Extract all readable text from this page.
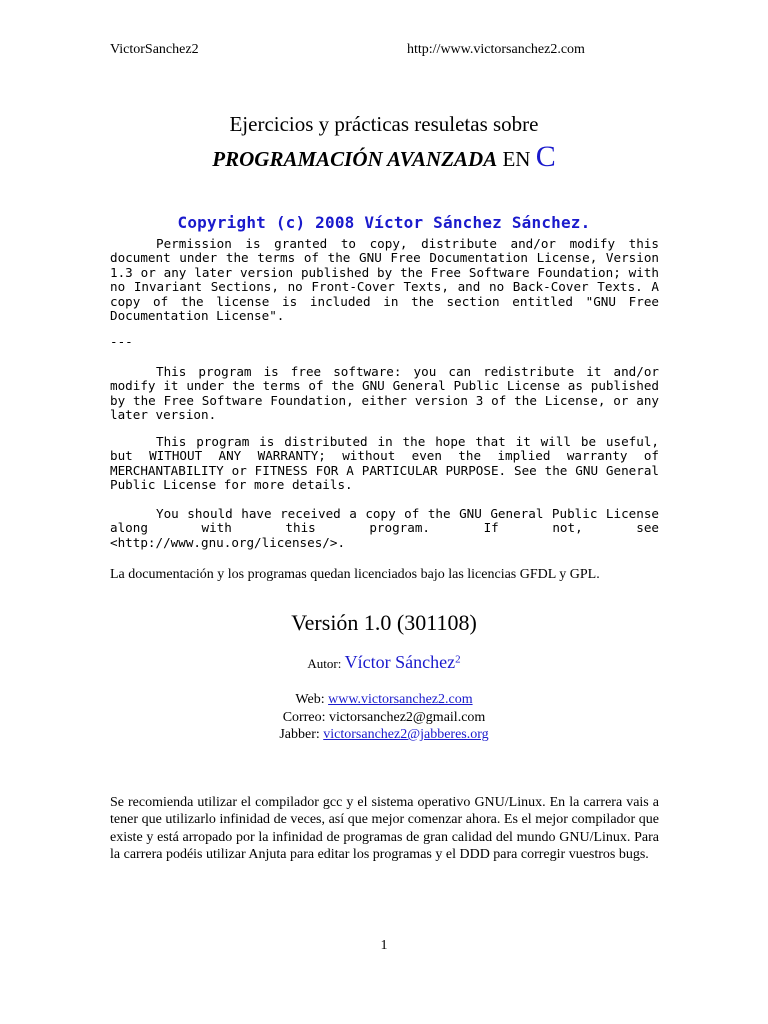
VictorSanchez2	http://www.victorsanchez2.com
Ejercicios y prácticas resuletas sobre
PROGRAMACIÓN AVANZADA EN C
Copyright (c) 2008 Víctor Sánchez Sánchez.

Permission is granted to copy, distribute and/or modify this document under the terms of the GNU Free Documentation License, Version 1.3 or any later version published by the Free Software Foundation; with no Invariant Sections, no Front-Cover Texts, and no Back-Cover Texts. A copy of the license is included in the section entitled "GNU Free Documentation License".

---

This program is free software: you can redistribute it and/or modify it under the terms of the GNU General Public License as published by the Free Software Foundation, either version 3 of the License, or any later version.

This program is distributed in the hope that it will be useful, but WITHOUT ANY WARRANTY; without even the implied warranty of MERCHANTABILITY or FITNESS FOR A PARTICULAR PURPOSE. See the GNU General Public License for more details.

You should have received a copy of the GNU General Public License along with this program. If not, see

<http://www.gnu.org/licenses/>.

La documentación y los programas quedan licenciados bajo las licencias GFDL y GPL.
Versión 1.0 (301108)
Autor: Víctor Sánchez$^2$
Web: www.victorsanchez2.com
Correo: victorsanchez2@gmail.com
Jabber: victorsanchez2@jabberes.org
Se recomienda utilizar el compilador gcc y el sistema operativo GNU/Linux. En la carrera vais a tener que utilizarlo infinidad de veces, así que mejor comenzar ahora. Es el mejor compilador que existe y está arropado por la infinidad de programas de gran calidad del mundo GNU/Linux. Para la carrera podéis utilizar Anjuta para editar los programas y el DDD para corregir vuestros bugs.
1
